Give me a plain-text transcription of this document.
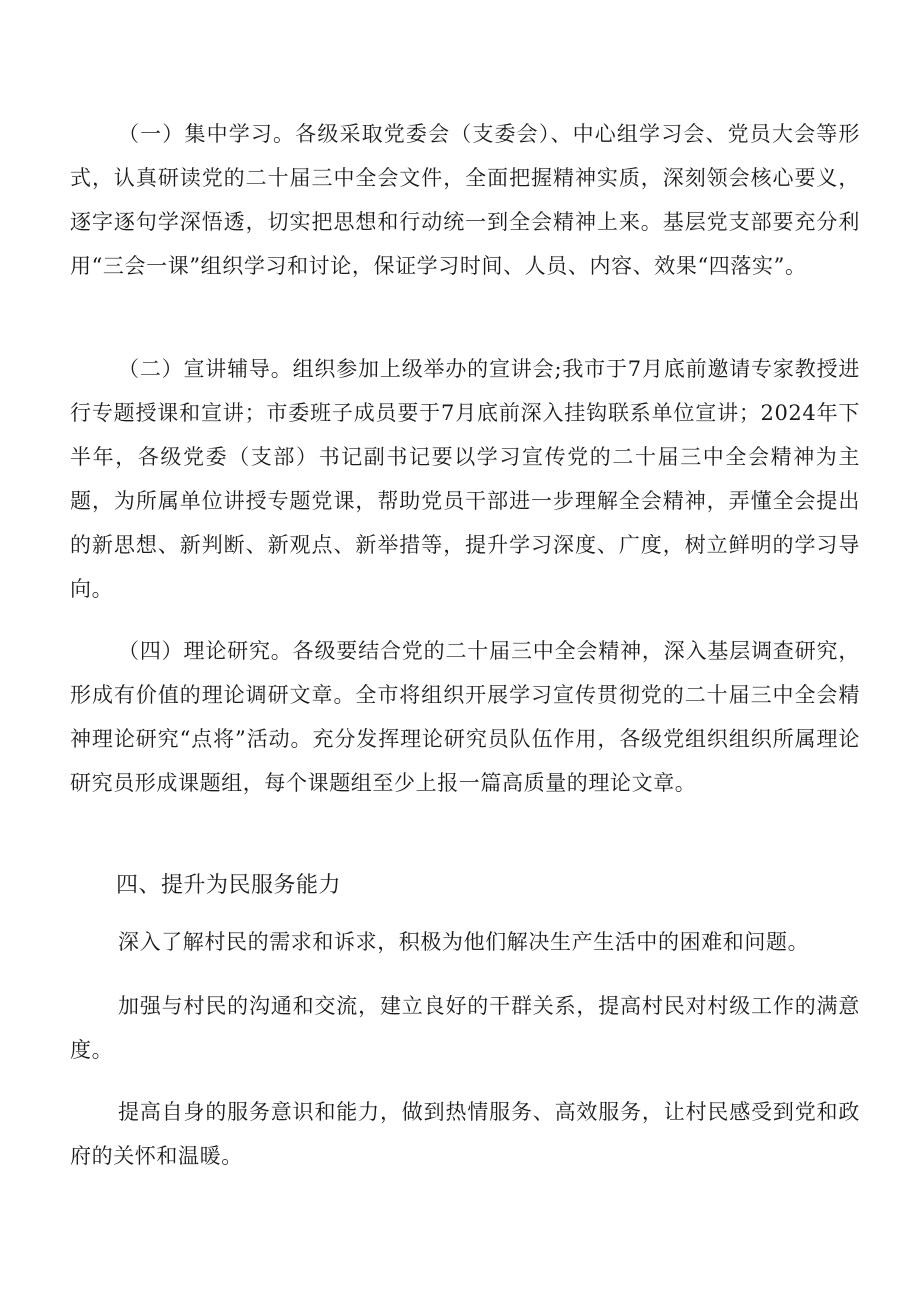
（一）集中学习。各级采取党委会（支委会）、中心组学习会、党员大会等形式，认真研读党的二十届三中全会文件，全面把握精神实质，深刻领会核心要义，逐字逐句学深悟透，切实把思想和行动统一到全会精神上来。基层党支部要充分利用“三会一课”组织学习和讨论，保证学习时间、人员、内容、效果“四落实”。

（二）宣讲辅导。组织参加上级举办的宣讲会;我市于7月底前邀请专家教授进行专题授课和宣讲；市委班子成员要于7月底前深入挂钩联系单位宣讲；2024年下半年，各级党委（支部）书记副书记要以学习宣传党的二十届三中全会精神为主题，为所属单位讲授专题党课，帮助党员干部进一步理解全会精神，弄懂全会提出的新思想、新判断、新观点、新举措等，提升学习深度、广度，树立鲜明的学习导向。

（四）理论研究。各级要结合党的二十届三中全会精神，深入基层调查研究，形成有价值的理论调研文章。全市将组织开展学习宣传贯彻党的二十届三中全会精神理论研究“点将”活动。充分发挥理论研究员队伍作用，各级党组织组织所属理论研究员形成课题组，每个课题组至少上报一篇高质量的理论文章。

四、提升为民服务能力

深入了解村民的需求和诉求，积极为他们解决生产生活中的困难和问题。

加强与村民的沟通和交流，建立良好的干群关系，提高村民对村级工作的满意度。

提高自身的服务意识和能力，做到热情服务、高效服务，让村民感受到党和政府的关怀和温暖。
